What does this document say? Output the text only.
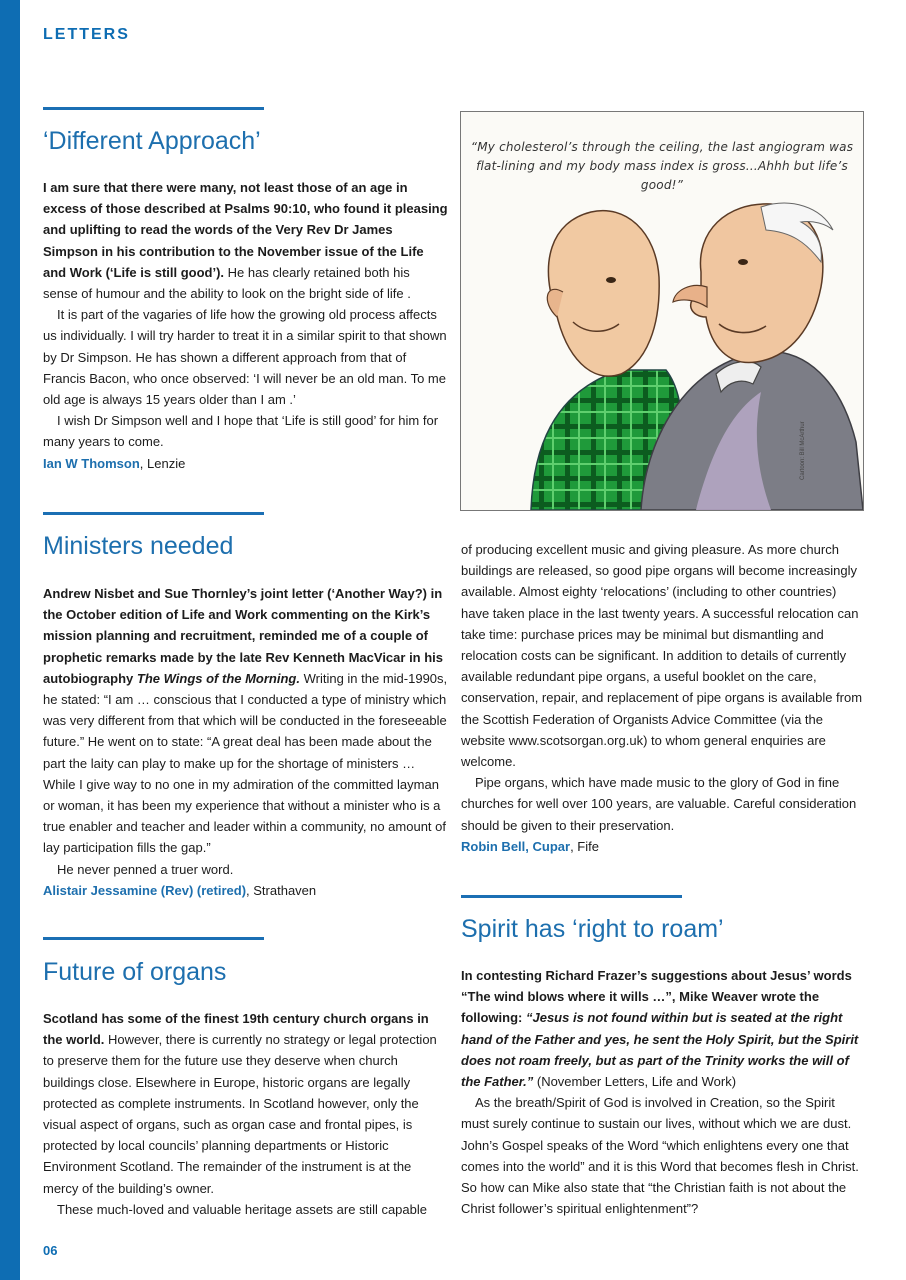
LETTERS
‘Different Approach’

I am sure that there were many, not least those of an age in excess of those described at Psalms 90:10, who found it pleasing and uplifting to read the words of the Very Rev Dr James Simpson in his contribution to the November issue of the Life and Work (‘Life is still good’). He has clearly retained both his sense of humour and the ability to look on the bright side of life .

It is part of the vagaries of life how the growing old process affects us individually. I will try harder to treat it in a similar spirit to that shown by Dr Simpson. He has shown a different approach from that of Francis Bacon, who once observed: ‘I will never be an old man. To me old age is always 15 years older than I am .’

I wish Dr Simpson well and I hope that ‘Life is still good’ for him for many years to come.

Ian W Thomson, Lenzie

“My cholesterol’s through the ceiling, the last angiogram was flat-lining and my body mass index is gross…Ahhh but life’s good!”
Cartoon: Bill McArthur
Ministers needed

Andrew Nisbet and Sue Thornley’s joint letter (‘Another Way?) in the October edition of Life and Work commenting on the Kirk’s mission planning and recruitment, reminded me of a couple of prophetic remarks made by the late Rev Kenneth MacVicar in his autobiography The Wings of the Morning. Writing in the mid-1990s, he stated: “I am … conscious that I conducted a type of ministry which was very different from that which will be conducted in the foreseeable future.” He went on to state: “A great deal has been made about the part the laity can play to make up for the shortage of ministers … While I give way to no one in my admiration of the committed layman or woman, it has been my experience that without a minister who is a true enabler and teacher and leader within a community, no amount of lay participation fills the gap.”

He never penned a truer word.

Alistair Jessamine (Rev) (retired), Strathaven

Future of organs

Scotland has some of the finest 19th century church organs in the world. However, there is currently no strategy or legal protection to preserve them for the future use they deserve when church buildings close. Elsewhere in Europe, historic organs are legally protected as complete instruments. In Scotland however, only the visual aspect of organs, such as organ case and frontal pipes, is protected by local councils’ planning departments or Historic Environment Scotland. The remainder of the instrument is at the mercy of the building’s owner.

These much-loved and valuable heritage assets are still capable

of producing excellent music and giving pleasure. As more church buildings are released, so good pipe organs will become increasingly available. Almost eighty ‘relocations’ (including to other countries) have taken place in the last twenty years. A successful relocation can take time: purchase prices may be minimal but dismantling and relocation costs can be significant. In addition to details of currently available redundant pipe organs, a useful booklet on the care, conservation, repair, and replacement of pipe organs is available from the Scottish Federation of Organists Advice Committee (via the website www.scotsorgan.org.uk) to whom general enquiries are welcome.

Pipe organs, which have made music to the glory of God in fine churches for well over 100 years, are valuable. Careful consideration should be given to their preservation.

Robin Bell, Cupar, Fife

Spirit has ‘right to roam’

In contesting Richard Frazer’s suggestions about Jesus’ words “The wind blows where it wills …”, Mike Weaver wrote the following: “Jesus is not found within but is seated at the right hand of the Father and yes, he sent the Holy Spirit, but the Spirit does not roam freely, but as part of the Trinity works the will of the Father.” (November Letters, Life and Work)

As the breath/Spirit of God is involved in Creation, so the Spirit must surely continue to sustain our lives, without which we are dust. John’s Gospel speaks of the Word “which enlightens every one that comes into the world” and it is this Word that becomes flesh in Christ. So how can Mike also state that “the Christian faith is not about the Christ follower’s spiritual enlightenment”?

06
